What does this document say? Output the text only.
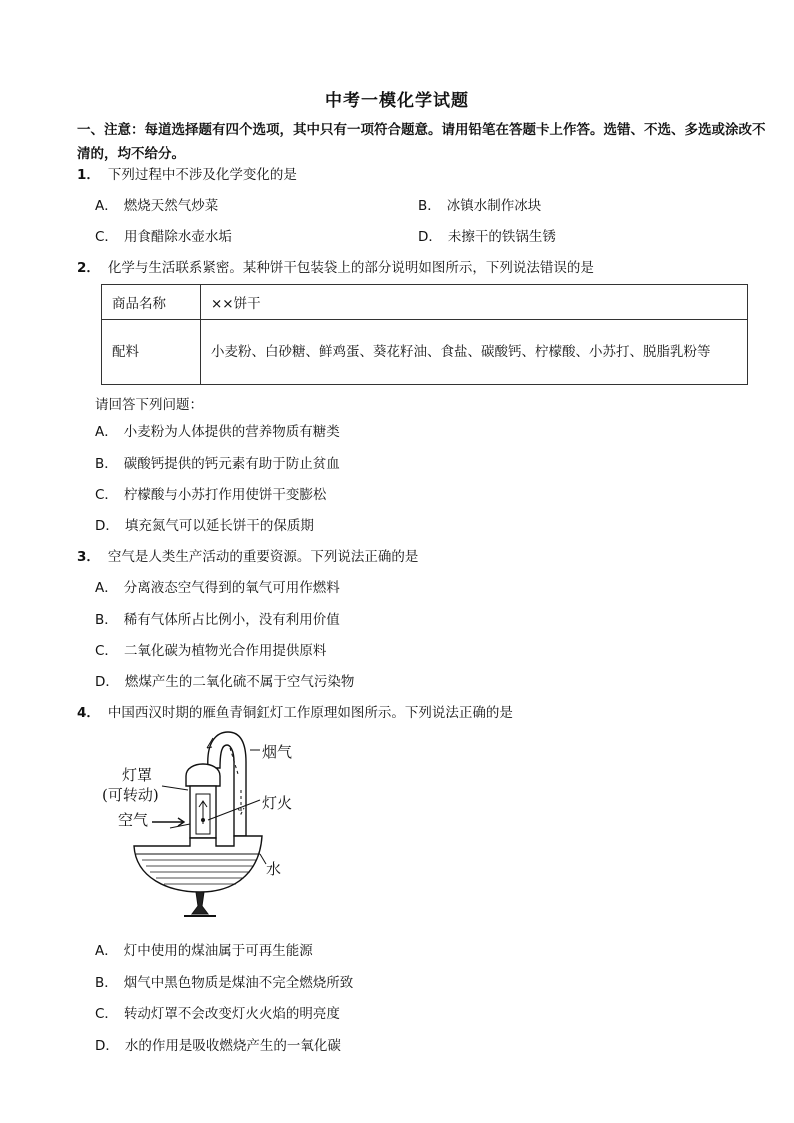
中考一模化学试题
一、注意：每道选择题有四个选项，其中只有一项符合题意。请用铅笔在答题卡上作答。选错、不选、多选或涂改不清的，均不给分。
1． 下列过程中不涉及化学变化的是
A． 燃烧天然气炒菜	B． 冰镇水制作冰块
C． 用食醋除水壶水垢	D． 未擦干的铁锅生锈
2． 化学与生活联系紧密。某种饼干包装袋上的部分说明如图所示，下列说法错误的是
商品名称	××饼干
配料	小麦粉、白砂糖、鲜鸡蛋、葵花籽油、食盐、碳酸钙、柠檬酸、小苏打、脱脂乳粉等
请回答下列问题：
A． 小麦粉为人体提供的营养物质有糖类
B． 碳酸钙提供的钙元素有助于防止贫血
C． 柠檬酸与小苏打作用使饼干变膨松
D． 填充氮气可以延长饼干的保质期
3． 空气是人类生产活动的重要资源。下列说法正确的是
A． 分离液态空气得到的氧气可用作燃料
B． 稀有气体所占比例小，没有利用价值
C． 二氧化碳为植物光合作用提供原料
D． 燃煤产生的二氧化硫不属于空气污染物
4． 中国西汉时期的雁鱼青铜釭灯工作原理如图所示。下列说法正确的是
灯罩
(可转动)
空气
烟气
灯火
水
A． 灯中使用的煤油属于可再生能源
B． 烟气中黑色物质是煤油不完全燃烧所致
C． 转动灯罩不会改变灯火火焰的明亮度
D． 水的作用是吸收燃烧产生的一氧化碳
